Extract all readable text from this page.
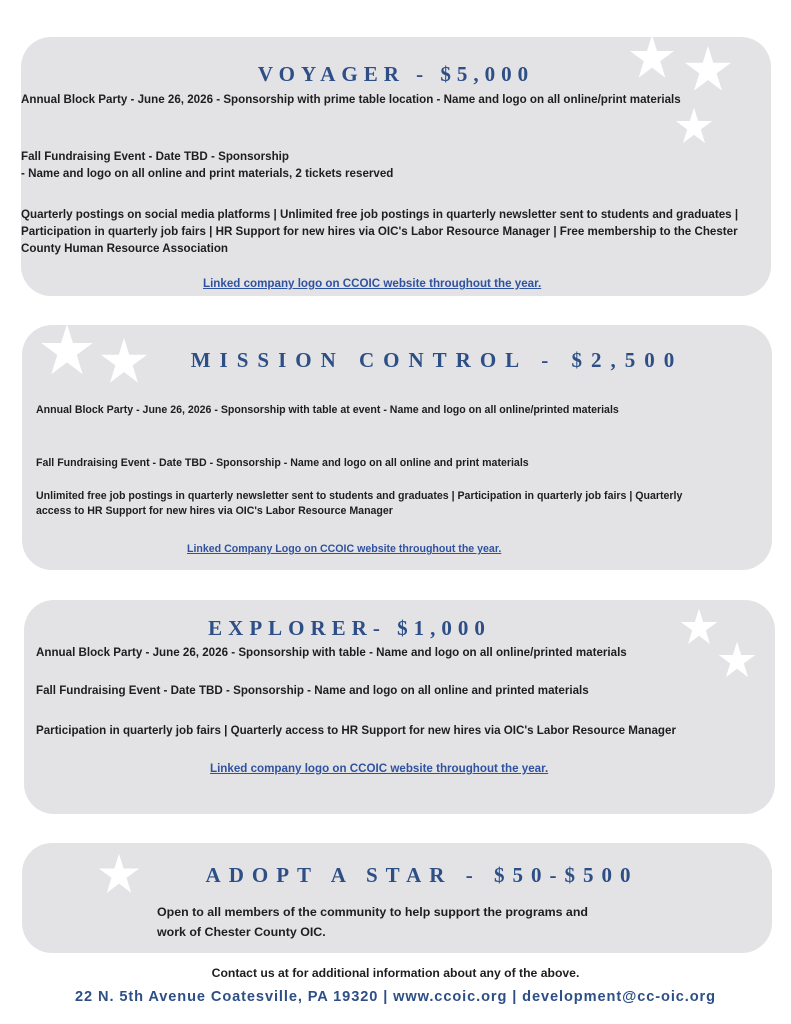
VOYAGER - $5,000

Annual Block Party - June 26, 2026 - Sponsorship with prime table location - Name and logo on all online/print materials

Fall Fundraising Event - Date TBD - Sponsorship
- Name and logo on all online and print materials, 2 tickets reserved

Quarterly postings on social media platforms | Unlimited free job postings in quarterly newsletter sent to students and graduates | Participation in quarterly job fairs | HR Support for new hires via OIC's Labor Resource Manager | Free membership to the Chester County Human Resource Association

Linked company logo on CCOIC website throughout the year.
MISSION CONTROL - $2,500

Annual Block Party - June 26, 2026 - Sponsorship with table at event - Name and logo on all online/printed materials

Fall Fundraising Event - Date TBD - Sponsorship - Name and logo on all online and print materials

Unlimited free job postings in quarterly newsletter sent to students and graduates | Participation in quarterly job fairs | Quarterly access to HR Support for new hires via OIC's Labor Resource Manager

Linked Company Logo on CCOIC website throughout the year.
EXPLORER- $1,000

Annual Block Party - June 26, 2026 - Sponsorship with table - Name and logo on all online/printed materials

Fall Fundraising Event - Date TBD - Sponsorship - Name and logo on all online and printed materials

Participation in quarterly job fairs | Quarterly access to HR Support for new hires via OIC's Labor Resource Manager

Linked company logo on CCOIC website throughout the year.
ADOPT A STAR - $50-$500

Open to all members of the community to help support the programs and work of Chester County OIC.

Contact us at for additional information about any of the above.

22 N. 5th Avenue Coatesville, PA 19320 | www.ccoic.org | development@cc-oic.org
